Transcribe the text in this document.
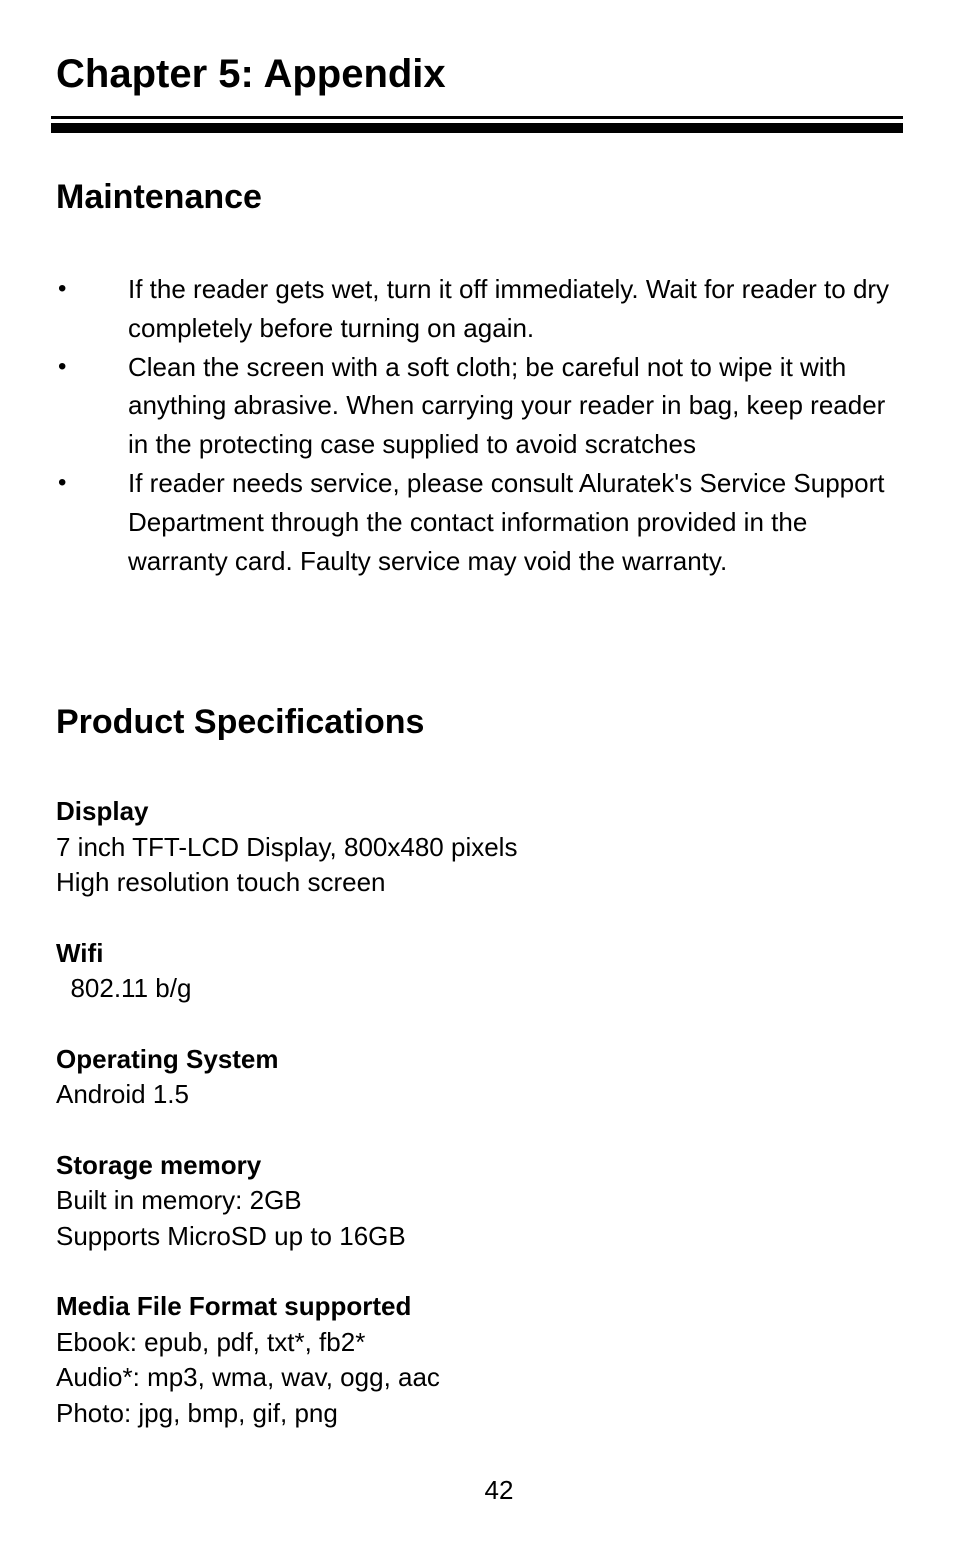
Chapter 5: Appendix
Maintenance
• If the reader gets wet, turn it off immediately. Wait for reader to dry completely before turning on again.
• Clean the screen with a soft cloth; be careful not to wipe it with anything abrasive. When carrying your reader in bag, keep reader in the protecting case supplied to avoid scratches
• If reader needs service, please consult Aluratek's Service Support Department through the contact information provided in the warranty card. Faulty service may void the warranty.
Product Specifications
Display
7 inch TFT-LCD Display, 800x480 pixels
High resolution touch screen
Wifi
802.11 b/g
Operating System
Android 1.5
Storage memory
Built in memory: 2GB
Supports MicroSD up to 16GB
Media File Format supported
Ebook: epub, pdf, txt*, fb2*
Audio*: mp3, wma, wav, ogg, aac
Photo: jpg, bmp, gif, png
42
